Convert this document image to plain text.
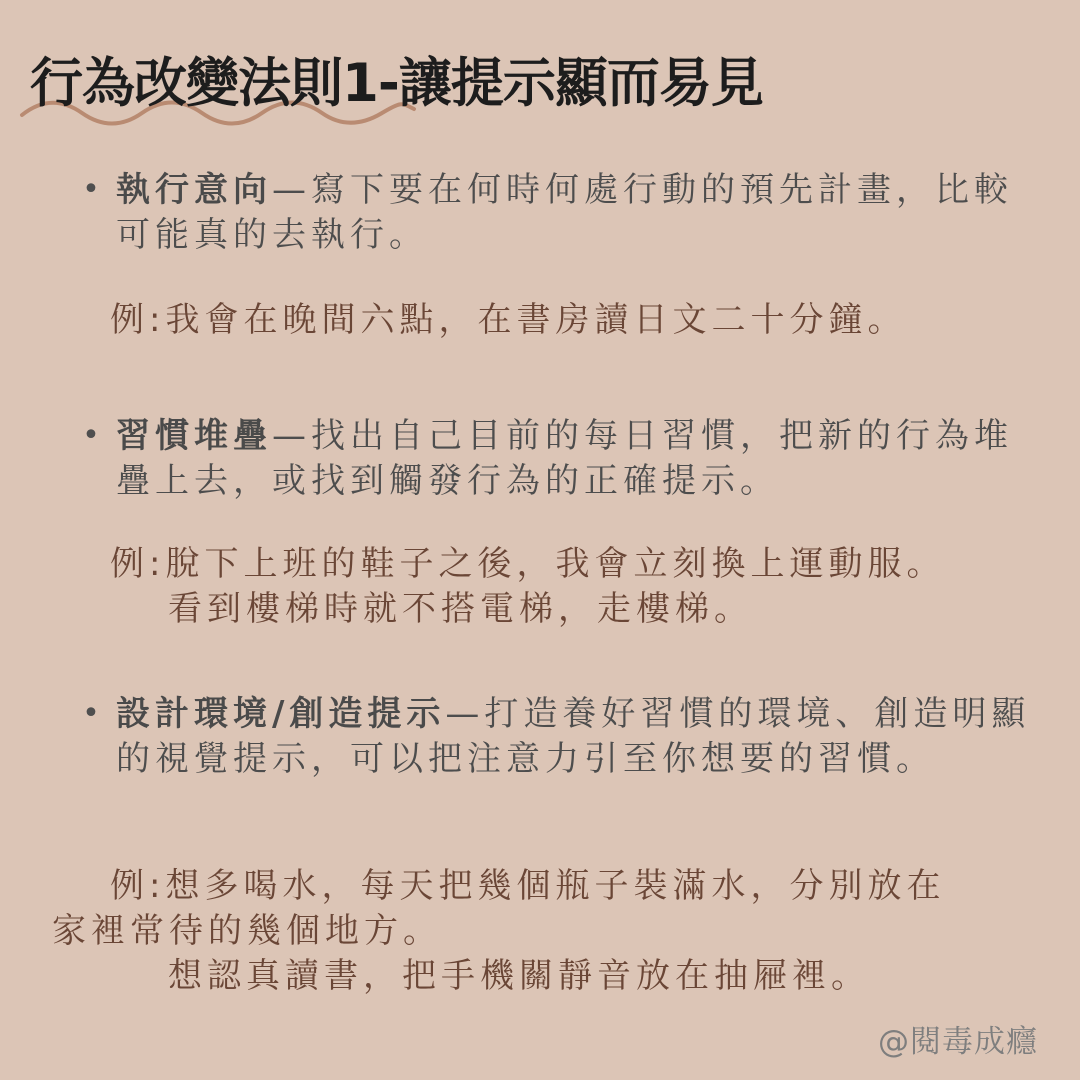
行為改變法則1-讓提示顯而易見
• 執行意向—寫下要在何時何處行動的預先計畫，比較可能真的去執行。
例:我會在晚間六點，在書房讀日文二十分鐘。
• 習慣堆疊—找出自己目前的每日習慣，把新的行為堆疊上去，或找到觸發行為的正確提示。
例:脫下上班的鞋子之後，我會立刻換上運動服。
看到樓梯時就不搭電梯，走樓梯。
• 設計環境/創造提示—打造養好習慣的環境、創造明顯的視覺提示，可以把注意力引至你想要的習慣。
例:想多喝水，每天把幾個瓶子裝滿水，分別放在
家裡常待的幾個地方。
想認真讀書，把手機關靜音放在抽屜裡。
@閱毒成癮
